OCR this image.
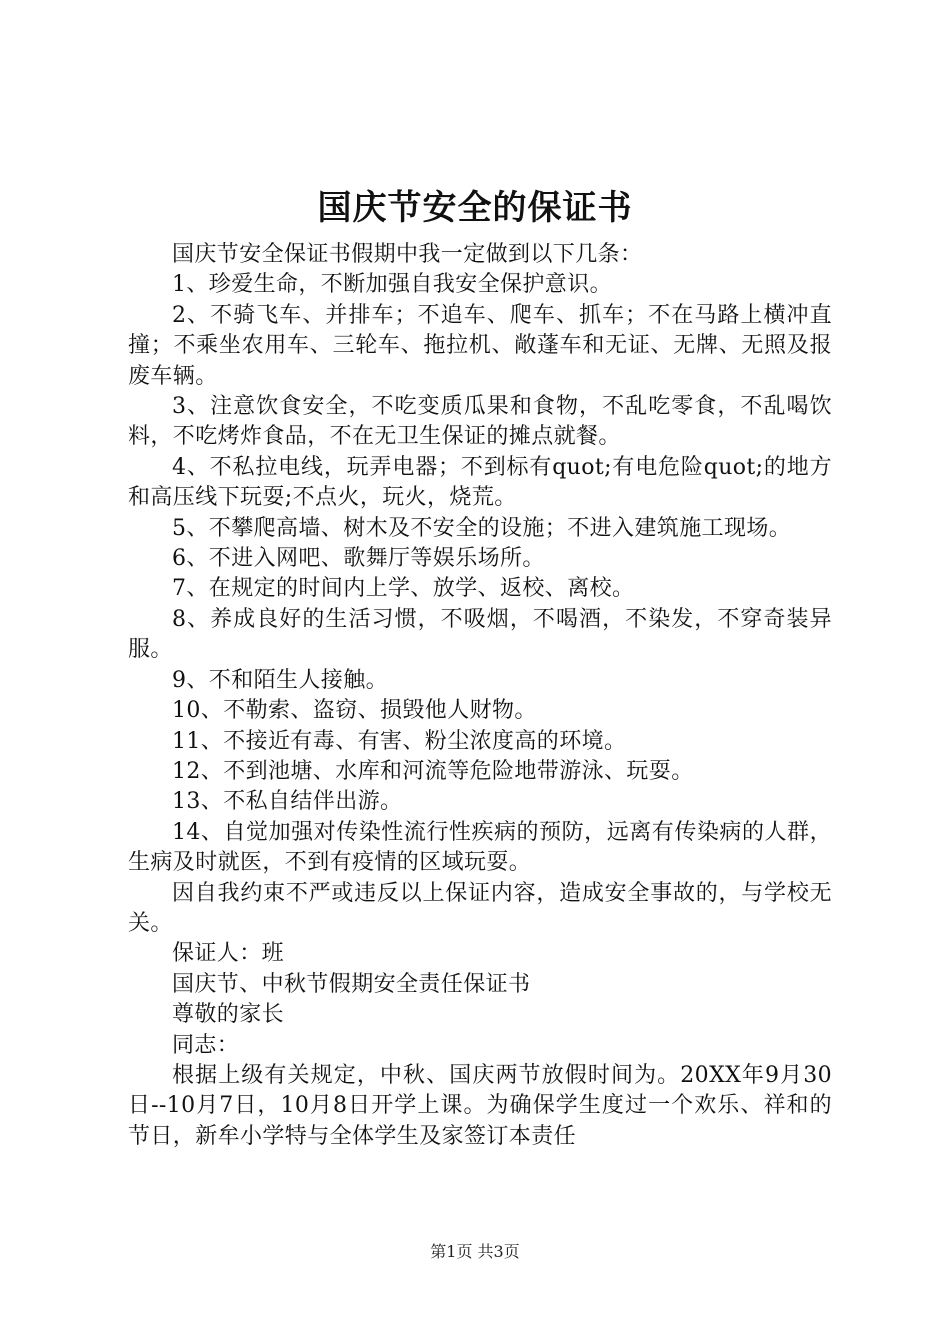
国庆节安全的保证书

国庆节安全保证书假期中我一定做到以下几条：

1、珍爱生命，不断加强自我安全保护意识。

2、不骑飞车、并排车；不追车、爬车、抓车；不在马路上横冲直撞；不乘坐农用车、三轮车、拖拉机、敞蓬车和无证、无牌、无照及报废车辆。

3、注意饮食安全，不吃变质瓜果和食物，不乱吃零食，不乱喝饮料，不吃烤炸食品，不在无卫生保证的摊点就餐。

4、不私拉电线，玩弄电器；不到标有quot;有电危险quot;的地方和高压线下玩耍;不点火，玩火，烧荒。

5、不攀爬高墙、树木及不安全的设施；不进入建筑施工现场。

6、不进入网吧、歌舞厅等娱乐场所。

7、在规定的时间内上学、放学、返校、离校。

8、养成良好的生活习惯，不吸烟，不喝酒，不染发，不穿奇装异服。

9、不和陌生人接触。

10、不勒索、盗窃、损毁他人财物。

11、不接近有毒、有害、粉尘浓度高的环境。

12、不到池塘、水库和河流等危险地带游泳、玩耍。

13、不私自结伴出游。

14、自觉加强对传染性流行性疾病的预防，远离有传染病的人群，生病及时就医，不到有疫情的区域玩耍。

因自我约束不严或违反以上保证内容，造成安全事故的，与学校无关。

保证人：班

国庆节、中秋节假期安全责任保证书

尊敬的家长

同志：

根据上级有关规定，中秋、国庆两节放假时间为。20XX年9月30日--10月7日，10月8日开学上课。为确保学生度过一个欢乐、祥和的节日，新牟小学特与全体学生及家签订本责任

第1页 共3页
